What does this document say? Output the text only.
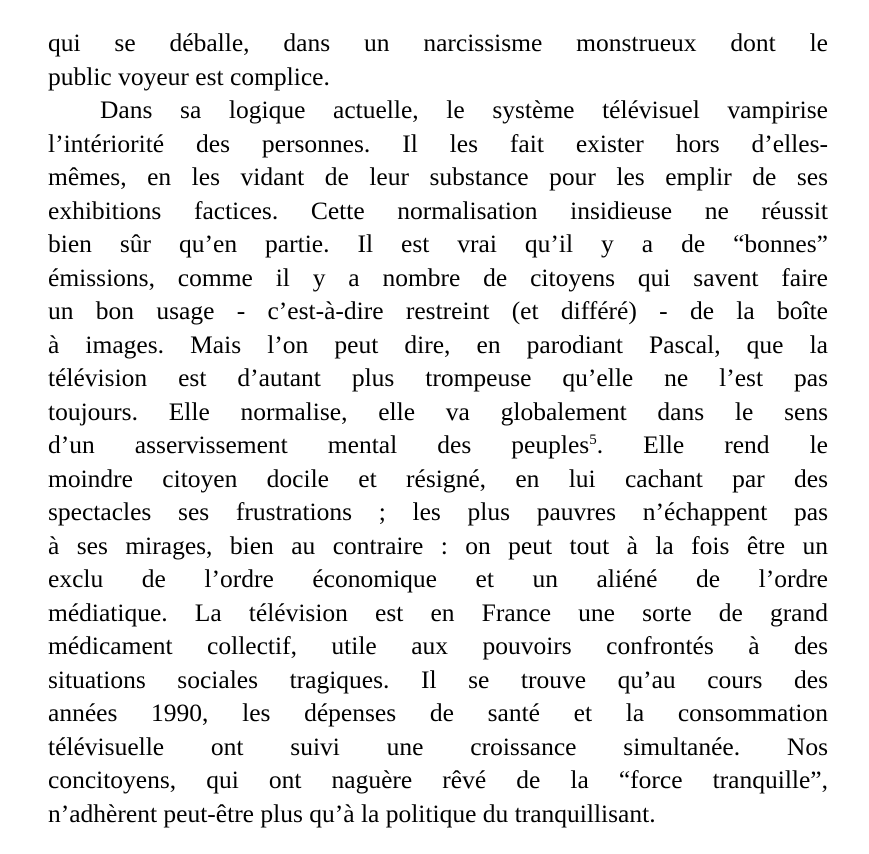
qui se déballe, dans un narcissisme monstrueux dont le
public voyeur est complice.
Dans sa logique actuelle, le système télévisuel vampirise
l’intériorité des personnes. Il les fait exister hors d’elles-
mêmes, en les vidant de leur substance pour les emplir de ses
exhibitions factices. Cette normalisation insidieuse ne réussit
bien sûr qu’en partie. Il est vrai qu’il y a de “bonnes”
émissions, comme il y a nombre de citoyens qui savent faire
un bon usage - c’est-à-dire restreint (et différé) - de la boîte
à images. Mais l’on peut dire, en parodiant Pascal, que la
télévision est d’autant plus trompeuse qu’elle ne l’est pas
toujours. Elle normalise, elle va globalement dans le sens
d’un asservissement mental des peuples$^5$. Elle rend le
moindre citoyen docile et résigné, en lui cachant par des
spectacles ses frustrations ; les plus pauvres n’échappent pas
à ses mirages, bien au contraire : on peut tout à la fois être un
exclu de l’ordre économique et un aliéné de l’ordre
médiatique. La télévision est en France une sorte de grand
médicament collectif, utile aux pouvoirs confrontés à des
situations sociales tragiques. Il se trouve qu’au cours des
années 1990, les dépenses de santé et la consommation
télévisuelle ont suivi une croissance simultanée. Nos
concitoyens, qui ont naguère rêvé de la “force tranquille”,
n’adhèrent peut-être plus qu’à la politique du tranquillisant.
